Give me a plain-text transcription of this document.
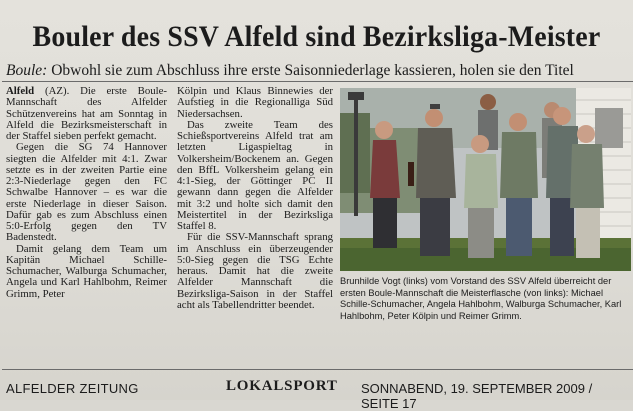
Bouler des SSV Alfeld sind Bezirksliga-Meister
Boule: Obwohl sie zum Abschluss ihre erste Saisonniederlage kassieren, holen sie den Titel

Alfeld (AZ). Die erste Boule-Mannschaft des Alfelder Schützenvereins hat am Sonntag in Alfeld die Bezirksmeisterschaft in der Staffel sieben perfekt gemacht.

Gegen die SG 74 Hannover siegten die Alfelder mit 4:1. Zwar setzte es in der zweiten Partie eine 2:3-Niederlage gegen den FC Schwalbe Hannover – es war die erste Niederlage in dieser Saison. Dafür gab es zum Abschluss einen 5:0-Erfolg gegen den TV Badenstedt.

Damit gelang dem Team um Kapitän Michael Schille-Schumacher, Walburga Schumacher, Angela und Karl Hahlbohm, Reimer Grimm, Peter

Kölpin und Klaus Binnewies der Aufstieg in die Regionalliga Süd Niedersachsen.

Das zweite Team des Schießsportvereins Alfeld trat am letzten Ligaspieltag in Volkersheim/Bockenem an. Gegen den BffL Volkersheim gelang ein 4:1-Sieg, der Göttinger PC II gewann dann gegen die Alfelder mit 3:2 und holte sich damit den Meistertitel in der Bezirksliga Staffel 8.

Für die SSV-Mannschaft sprang im Anschluss ein überzeugender 5:0-Sieg gegen die TSG Echte heraus. Damit hat die zweite Alfelder Mannschaft die Bezirksliga-Saison in der Staffel acht als Tabellendritter beendet.

Brunhilde Vogt (links) vom Vorstand des SSV Alfeld überreicht der
ersten Boule-Mannschaft die Meisterflasche (von links): Michael
Schille-Schumacher, Angela Hahlbohm, Walburga Schumacher, Karl
Hahlbohm, Peter Kölpin und Reimer Grimm.
ALFELDER ZEITUNG	LOKALSPORT SONNABEND, 19. SEPTEMBER 2009 / SEITE 17
